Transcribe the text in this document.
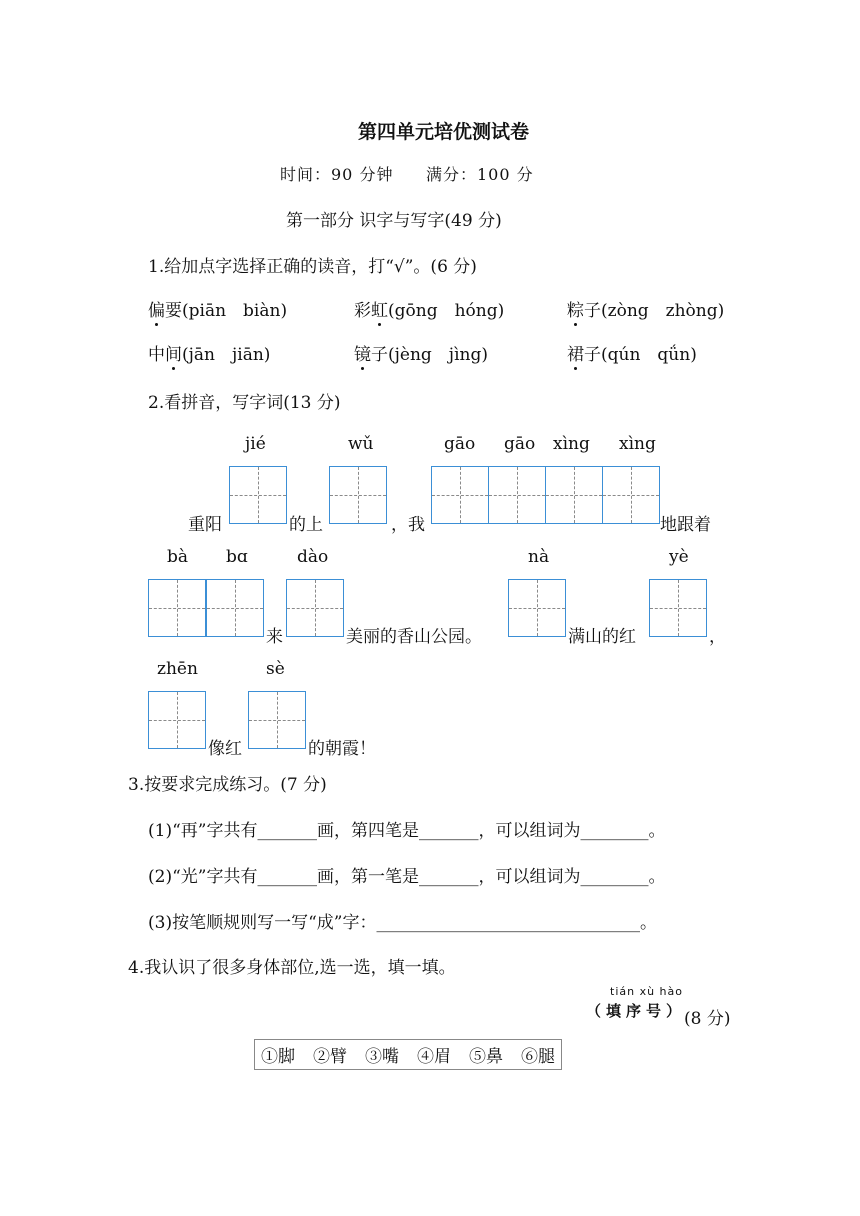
第四单元培优测试卷
时间：90 分钟 满分：100 分
第一部分 识字与写字(49 分)
1.给加点字选择正确的读音，打“√”。(6 分)
偏要(piān　biàn)	彩虹(gōng　hóng)	粽子(zòng　zhòng)
中间(jān　jiān)	镜子(jèng　jìng)	裙子(qún　qǘn)
2.看拼音，写字词(13 分)
jié	wǔ	gāo gāo xìng xìng
重阳	的上	，我	地跟着
bà bɑ	dào	nà	yè
来	美丽的香山公园。	满山的红	，
zhēn	sè
像红	的朝霞！
3.按要求完成练习。(7 分)
(1)“再”字共有_______画，第四笔是_______，可以组词为________。
(2)“光”字共有_______画，第一笔是_______，可以组词为________。
(3)按笔顺规则写一写“成”字：_______________________________。
4.我认识了很多身体部位,选一选，填一填。
tián xù hào
（填序号）
(8 分)
①脚 ②臂 ③嘴 ④眉 ⑤鼻 ⑥腿
